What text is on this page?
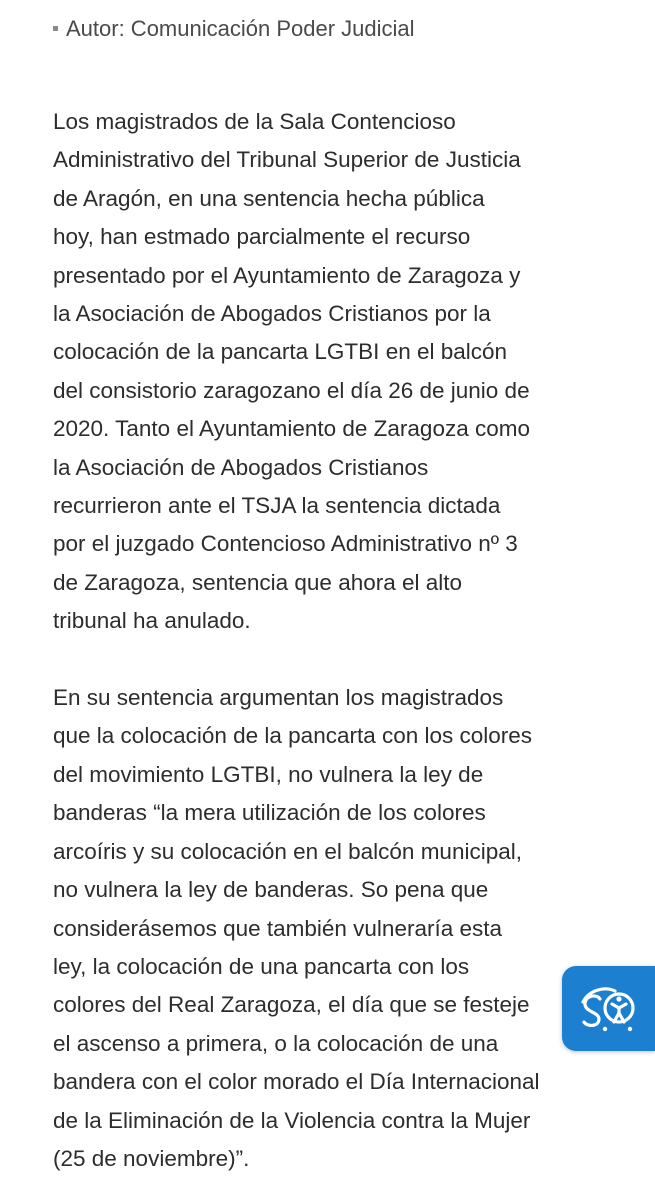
Autor: Comunicación Poder Judicial

Los magistrados de la Sala Contencioso
Administrativo del Tribunal Superior de Justicia
de Aragón, en una sentencia hecha pública
hoy, han estmado parcialmente el recurso
presentado por el Ayuntamiento de Zaragoza y
la Asociación de Abogados Cristianos por la
colocación de la pancarta LGTBI en el balcón
del consistorio zaragozano el día 26 de junio de
2020. Tanto el Ayuntamiento de Zaragoza como
la Asociación de Abogados Cristianos
recurrieron ante el TSJA la sentencia dictada
por el juzgado Contencioso Administrativo nº 3
de Zaragoza, sentencia que ahora el alto
tribunal ha anulado.

En su sentencia argumentan los magistrados
que la colocación de la pancarta con los colores
del movimiento LGTBI, no vulnera la ley de
banderas “la mera utilización de los colores
arcoíris y su colocación en el balcón municipal,
no vulnera la ley de banderas. So pena que
considerásemos que también vulneraría esta
ley, la colocación de una pancarta con los
colores del Real Zaragoza, el día que se festeje
el ascenso a primera, o la colocación de una
bandera con el color morado el Día Internacional
de la Eliminación de la Violencia contra la Mujer
(25 de noviembre)”.
